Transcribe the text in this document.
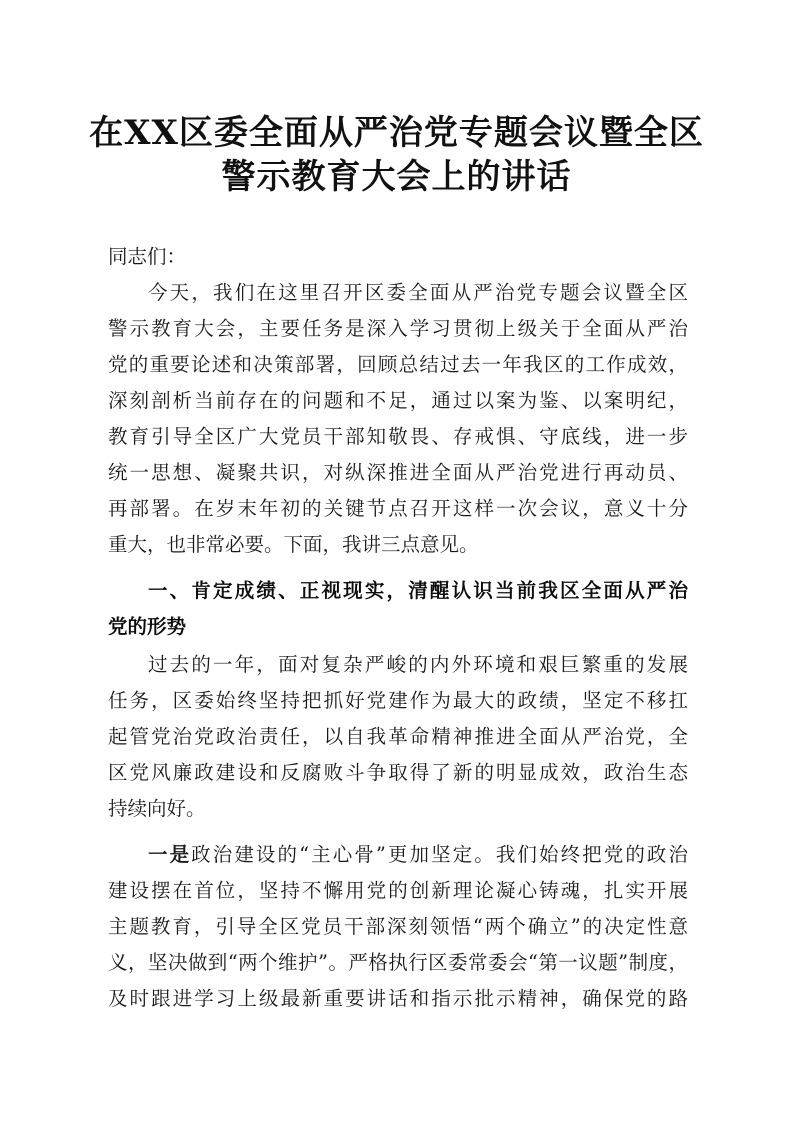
在XX区委全面从严治党专题会议暨全区
警示教育大会上的讲话

同志们：

今天，我们在这里召开区委全面从严治党专题会议暨全区

警示教育大会，主要任务是深入学习贯彻上级关于全面从严治

党的重要论述和决策部署，回顾总结过去一年我区的工作成效，

深刻剖析当前存在的问题和不足，通过以案为鉴、以案明纪，

教育引导全区广大党员干部知敬畏、存戒惧、守底线，进一步

统一思想、凝聚共识，对纵深推进全面从严治党进行再动员、

再部署。在岁末年初的关键节点召开这样一次会议，意义十分

重大，也非常必要。下面，我讲三点意见。

一、肯定成绩、正视现实，清醒认识当前我区全面从严治

党的形势

过去的一年，面对复杂严峻的内外环境和艰巨繁重的发展

任务，区委始终坚持把抓好党建作为最大的政绩，坚定不移扛

起管党治党政治责任，以自我革命精神推进全面从严治党，全

区党风廉政建设和反腐败斗争取得了新的明显成效，政治生态

持续向好。

一是政治建设的“主心骨”更加坚定。我们始终把党的政治

建设摆在首位，坚持不懈用党的创新理论凝心铸魂，扎实开展

主题教育，引导全区党员干部深刻领悟“两个确立”的决定性意

义，坚决做到“两个维护”。严格执行区委常委会“第一议题”制度，

及时跟进学习上级最新重要讲话和指示批示精神，确保党的路
